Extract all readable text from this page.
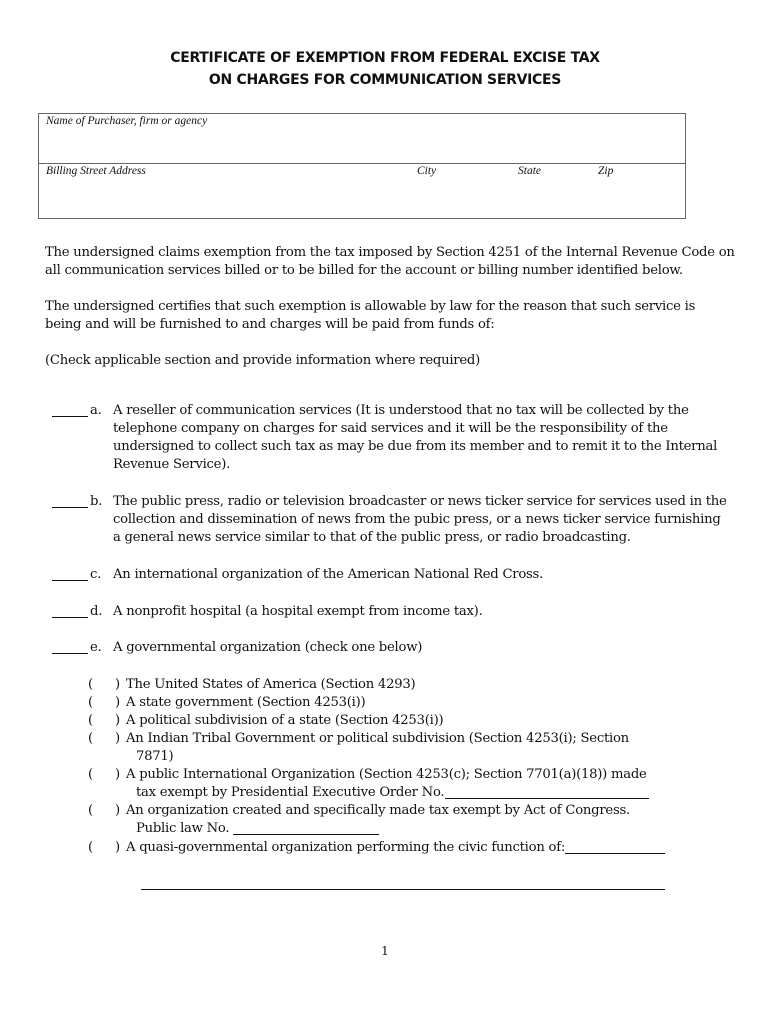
CERTIFICATE OF EXEMPTION FROM FEDERAL EXCISE TAX
ON CHARGES FOR COMMUNICATION SERVICES
Name of Purchaser, firm or agency
Billing Street Address	City	State	Zip
The undersigned claims exemption from the tax imposed by Section 4251 of the Internal Revenue Code on all communication services billed or to be billed for the account or billing number identified below.
The undersigned certifies that such exemption is allowable by law for the reason that such service is being and will be furnished to and charges will be paid from funds of:
(Check applicable section and provide information where required)
a. A reseller of communication services (It is understood that no tax will be collected by the telephone company on charges for said services and it will be the responsibility of the undersigned to collect such tax as may be due from its member and to remit it to the Internal Revenue Service).
b. The public press, radio or television broadcaster or news ticker service for services used in the collection and dissemination of news from the pubic press, or a news ticker service furnishing a general news service similar to that of the public press, or radio broadcasting.
c. An international organization of the American National Red Cross.
d. A nonprofit hospital (a hospital exempt from income tax).
e. A governmental organization (check one below)
( ) The United States of America (Section 4293)
( ) A state government (Section 4253(i))
( ) A political subdivision of a state (Section 4253(i))
( ) An Indian Tribal Government or political subdivision (Section 4253(i); Section
7871)
( ) A public International Organization (Section 4253(c); Section 7701(a)(18)) made
tax exempt by Presidential Executive Order No.
( ) An organization created and specifically made tax exempt by Act of Congress.
Public law No.
( ) A quasi-governmental organization performing the civic function of:
1
